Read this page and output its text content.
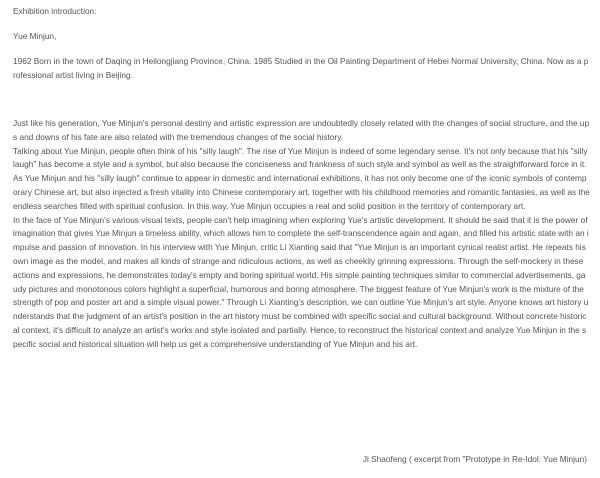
Exhibition introduction:

Yue Minjun,

1962 Born in the town of Daqing in Heilongjiang Province, China. 1985 Studied in the Oil Painting Department of Hebei Normal University, China. Now as a professional artist living in Beijing.

Just like his generation, Yue Minjun's personal destiny and artistic expression are undoubtedly closely related with the changes of social structure, and the ups and downs of his fate are also related with the tremendous changes of the social history.

Talking about Yue Minjun, people often think of his "silly laugh". The rise of Yue Minjun is indeed of some legendary sense. It's not only because that his "silly laugh" has become a style and a symbol, but also because the conciseness and frankness of such style and symbol as well as the straightforward force in it. As Yue Minjun and his "silly laugh" continue to appear in domestic and international exhibitions, it has not only become one of the iconic symbols of contemporary Chinese art, but also injected a fresh vitality into Chinese contemporary art, together with his childhood memories and romantic fantasies, as well as the endless searches filled with spiritual confusion. In this way, Yue Minjun occupies a real and solid position in the territory of contemporary art.

In the face of Yue Minjun's various visual texts, people can't help imagining when exploring Yue's artistic development. It should be said that it is the power of imagination that gives Yue Minjun a timeless ability, which allows him to complete the self-transcendence again and again, and filled his artistic state with an impulse and passion of innovation. In his interview with Yue Minjun, critic Li Xianting said that "Yue Minjun is an important cynical realist artist. He repeats his own image as the model, and makes all kinds of strange and ridiculous actions, as well as cheekily grinning expressions. Through the self-mockery in these actions and expressions, he demonstrates today's empty and boring spiritual world. His simple painting techniques similar to commercial advertisements, gaudy pictures and monotonous colors highlight a superficial, humorous and boring atmosphere. The biggest feature of Yue Minjun's work is the mixture of the strength of pop and poster art and a simple visual power." Through Li Xianting's description, we can outline Yue Minjun's art style. Anyone knows art history understands that the judgment of an artist's position in the art history must be combined with specific social and cultural background. Without concrete historical context, it's difficult to analyze an artist's works and style isolated and partially. Hence, to reconstruct the historical context and analyze Yue Minjun in the specific social and historical situation will help us get a comprehensive understanding of Yue Minjun and his art.

Ji Shaofeng ( excerpt from "Prototype in Re-Idol: Yue Minjun)
